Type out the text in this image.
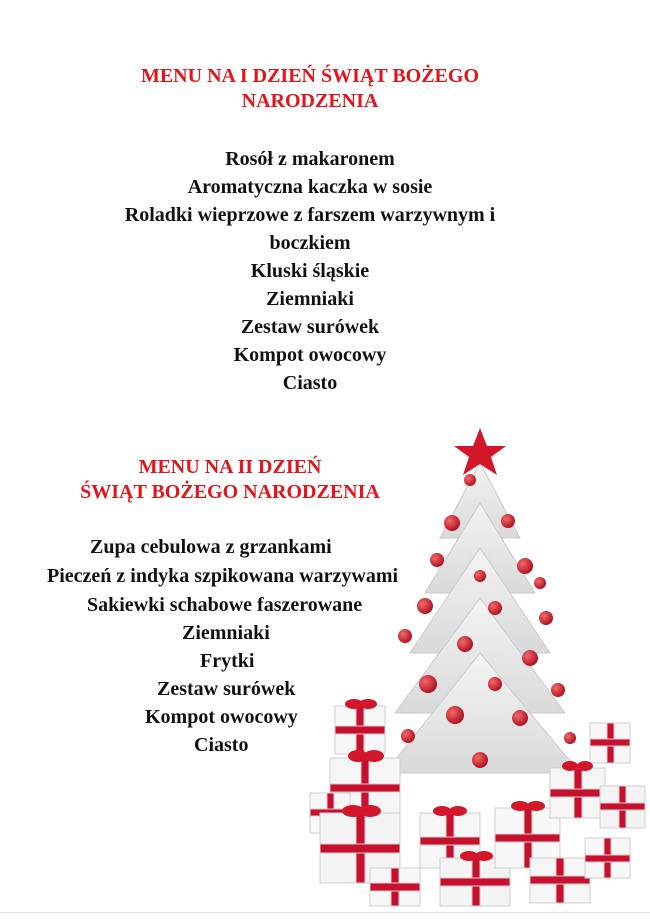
MENU NA I DZIEŃ ŚWIĄT BOŻEGO
NARODZENIA

Rosół z makaronem

Aromatyczna kaczka w sosie

Roladki wieprzowe z farszem warzywnym i

boczkiem

Kluski śląskie

Ziemniaki

Zestaw surówek

Kompot owocowy

Ciasto

MENU NA II DZIEŃ
ŚWIĄT BOŻEGO NARODZENIA

Zupa cebulowa z grzankami

Pieczeń z indyka szpikowana warzywami

Sakiewki schabowe faszerowane

Ziemniaki

Frytki

Zestaw surówek

Kompot owocowy

Ciasto
